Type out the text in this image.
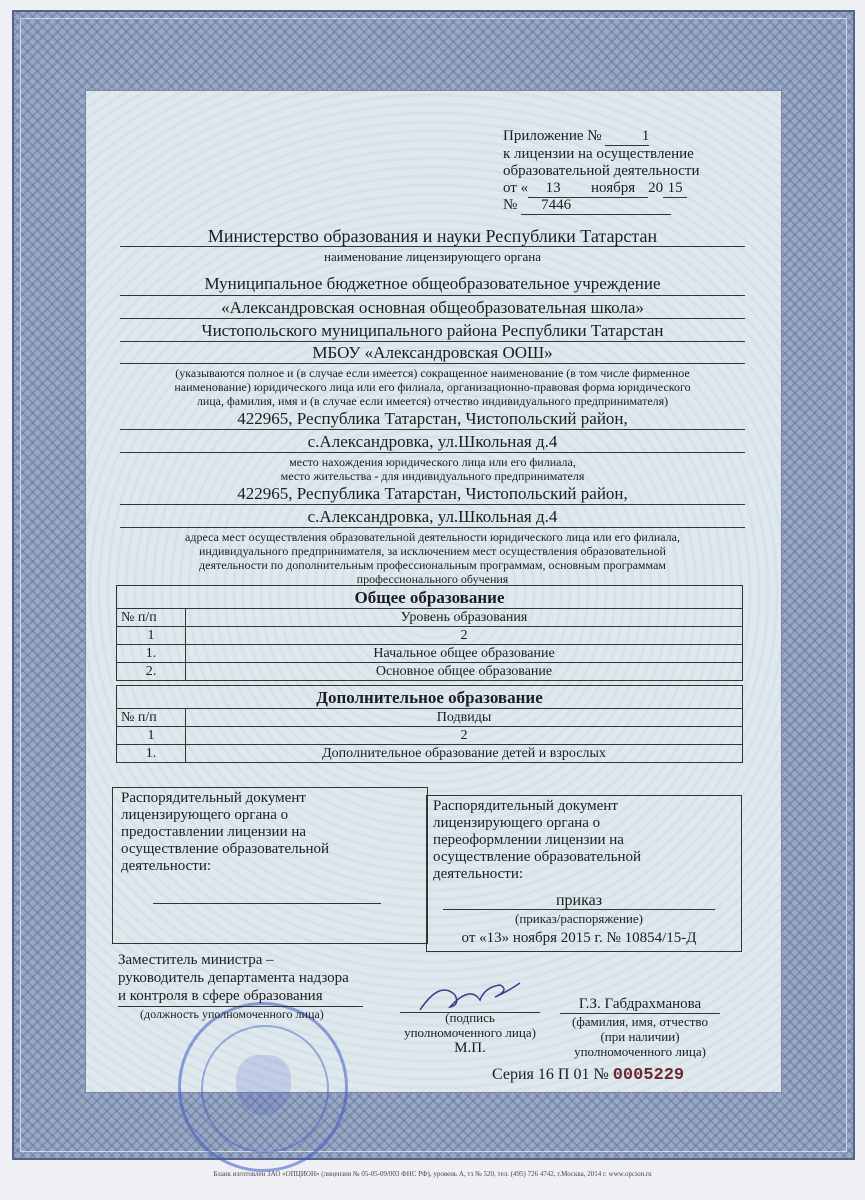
Приложение №	1
к лицензии на осуществление
образовательной деятельности
от « 13 ноября 20 15
№ 7446
Министерство образования и науки Республики Татарстан
наименование лицензирующего органа
Муниципальное бюджетное общеобразовательное учреждение
«Александровская основная общеобразовательная школа»
Чистопольского муниципального района Республики Татарстан
МБОУ «Александровская ООШ»
(указываются полное и (в случае если имеется) сокращенное наименование (в том числе фирменное
наименование) юридического лица или его филиала, организационно-правовая форма юридического
лица, фамилия, имя и (в случае если имеется) отчество индивидуального предпринимателя)
422965, Республика Татарстан, Чистопольский район,
с.Александровка, ул.Школьная д.4
место нахождения юридического лица или его филиала,
место жительства - для индивидуального предпринимателя
422965, Республика Татарстан, Чистопольский район,
с.Александровка, ул.Школьная д.4
адреса мест осуществления образовательной деятельности юридического лица или его филиала,
индивидуального предпринимателя, за исключением мест осуществления образовательной
деятельности по дополнительным профессиональным программам, основным программам
профессионального обучения
Общее образование	
№ п/п	Уровень образования
1	2
1.	Начальное общее образование
2.	Основное общее образование
Дополнительное образование	
№ п/п	Подвиды
1	2
1.	Дополнительное образование детей и взрослых
Распорядительный документ
лицензирующего органа о
предоставлении лицензии на
осуществление образовательной
деятельности:
Распорядительный документ
лицензирующего органа о
переоформлении лицензии на
осуществление образовательной
деятельности:
приказ
(приказ/распоряжение)
от «13» ноября 2015 г. № 10854/15-Д
Заместитель министра –
руководитель департамента надзора
и контроля в сфере образования
(должность уполномоченного лица)	(подпись
уполномоченного лица)
М.П.
Г.З. Габдрахманова
(фамилия, имя, отчество
(при наличии)
уполномоченного лица)
Серия 16 П 01 № 0005229
Бланк изготовлен ЗАО «ОПЦИОН» (лицензия № 05-05-09/003 ФНС РФ), уровень А, тз № 520, тел. (495) 726 4742, г.Москва, 2014 г. www.opcion.ru
